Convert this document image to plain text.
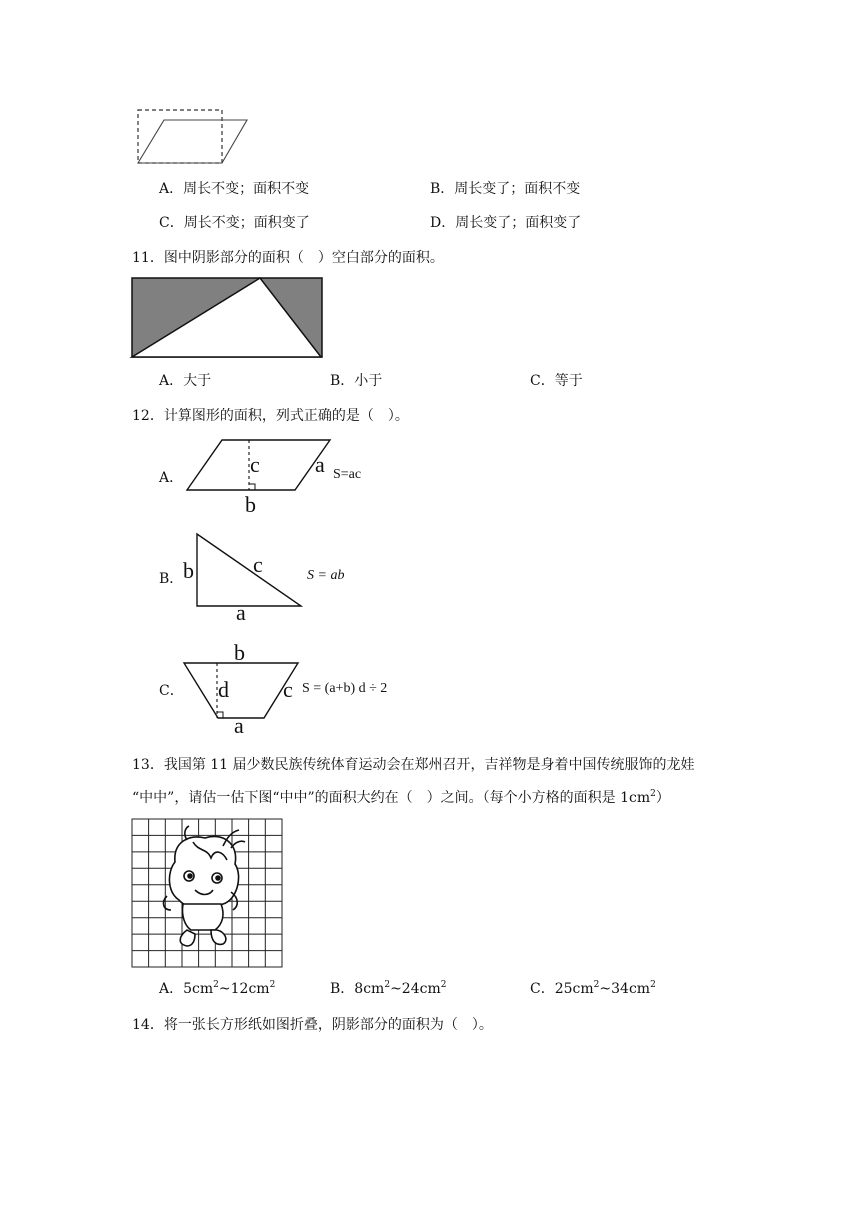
A．周长不变；面积不变	B．周长变了；面积不变
C．周长不变；面积变了	D．周长变了；面积变了
11．图中阴影部分的面积（　）空白部分的面积。
A．大于	B．小于	C．等于
12．计算图形的面积，列式正确的是（　）。
A．
c	a
b
S=ac
B． b	c
a
S = ab
C．
b
d c
a
S = (a+b) d ÷ 2
13．我国第 11 届少数民族传统体育运动会在郑州召开，吉祥物是身着中国传统服饰的龙娃
“中中”，请估一估下图“中中”的面积大约在（　）之间。（每个小方格的面积是 $1cm^2$）
A．$5cm^2\sim 12cm^2$	B．$8cm^2\sim 24cm^2$	C．$25cm^2\sim 34cm^2$
14．将一张长方形纸如图折叠，阴影部分的面积为（　）。
